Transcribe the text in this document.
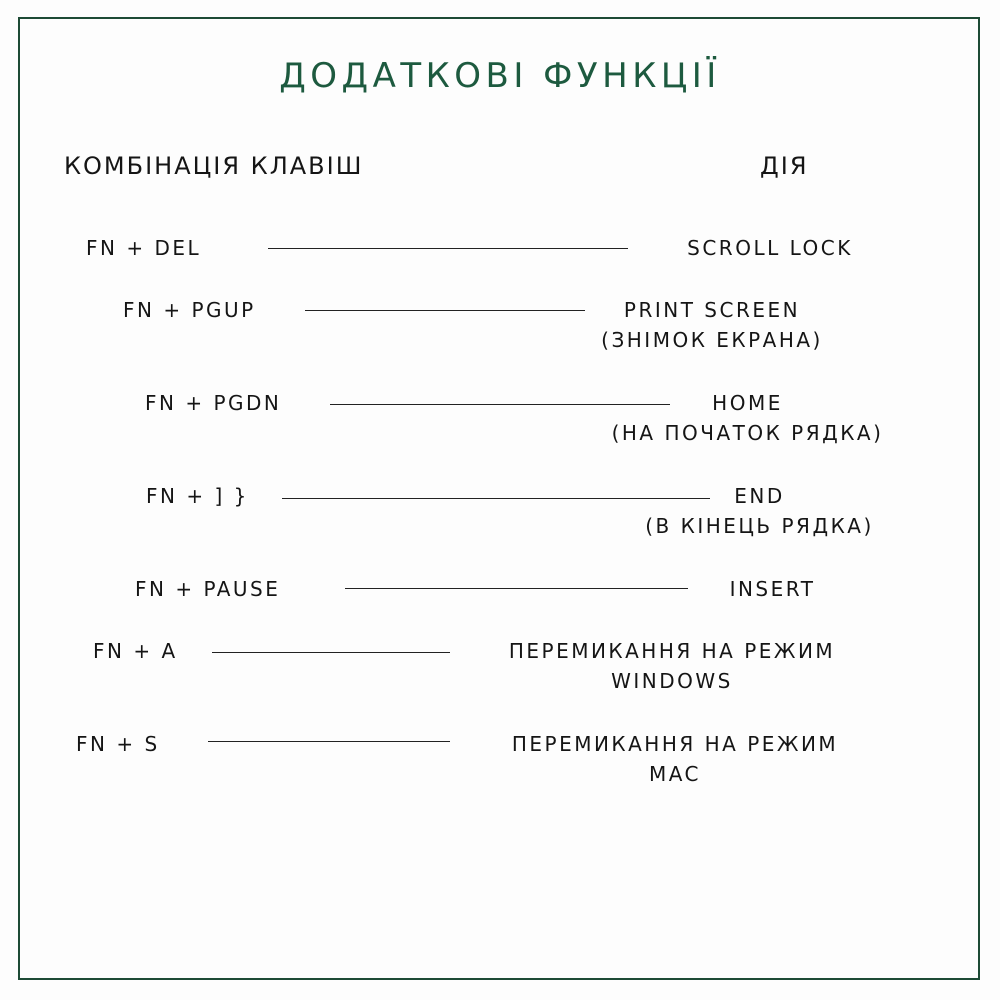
ДОДАТКОВІ ФУНКЦІЇ
КОМБІНАЦІЯ КЛАВІШ	ДІЯ
FN + DEL	SCROLL LOCK
FN + PGUP	PRINT SCREEN
(ЗНІМОК ЕКРАНА)
FN + PGDN	HOME
(НА ПОЧАТОК РЯДКА)
FN + ] }	END
(В КІНЕЦЬ РЯДКА)
FN + PAUSE	INSERT
FN + A	ПЕРЕМИКАННЯ НА РЕЖИМ
WINDOWS
FN + S	ПЕРЕМИКАННЯ НА РЕЖИМ
MAC
